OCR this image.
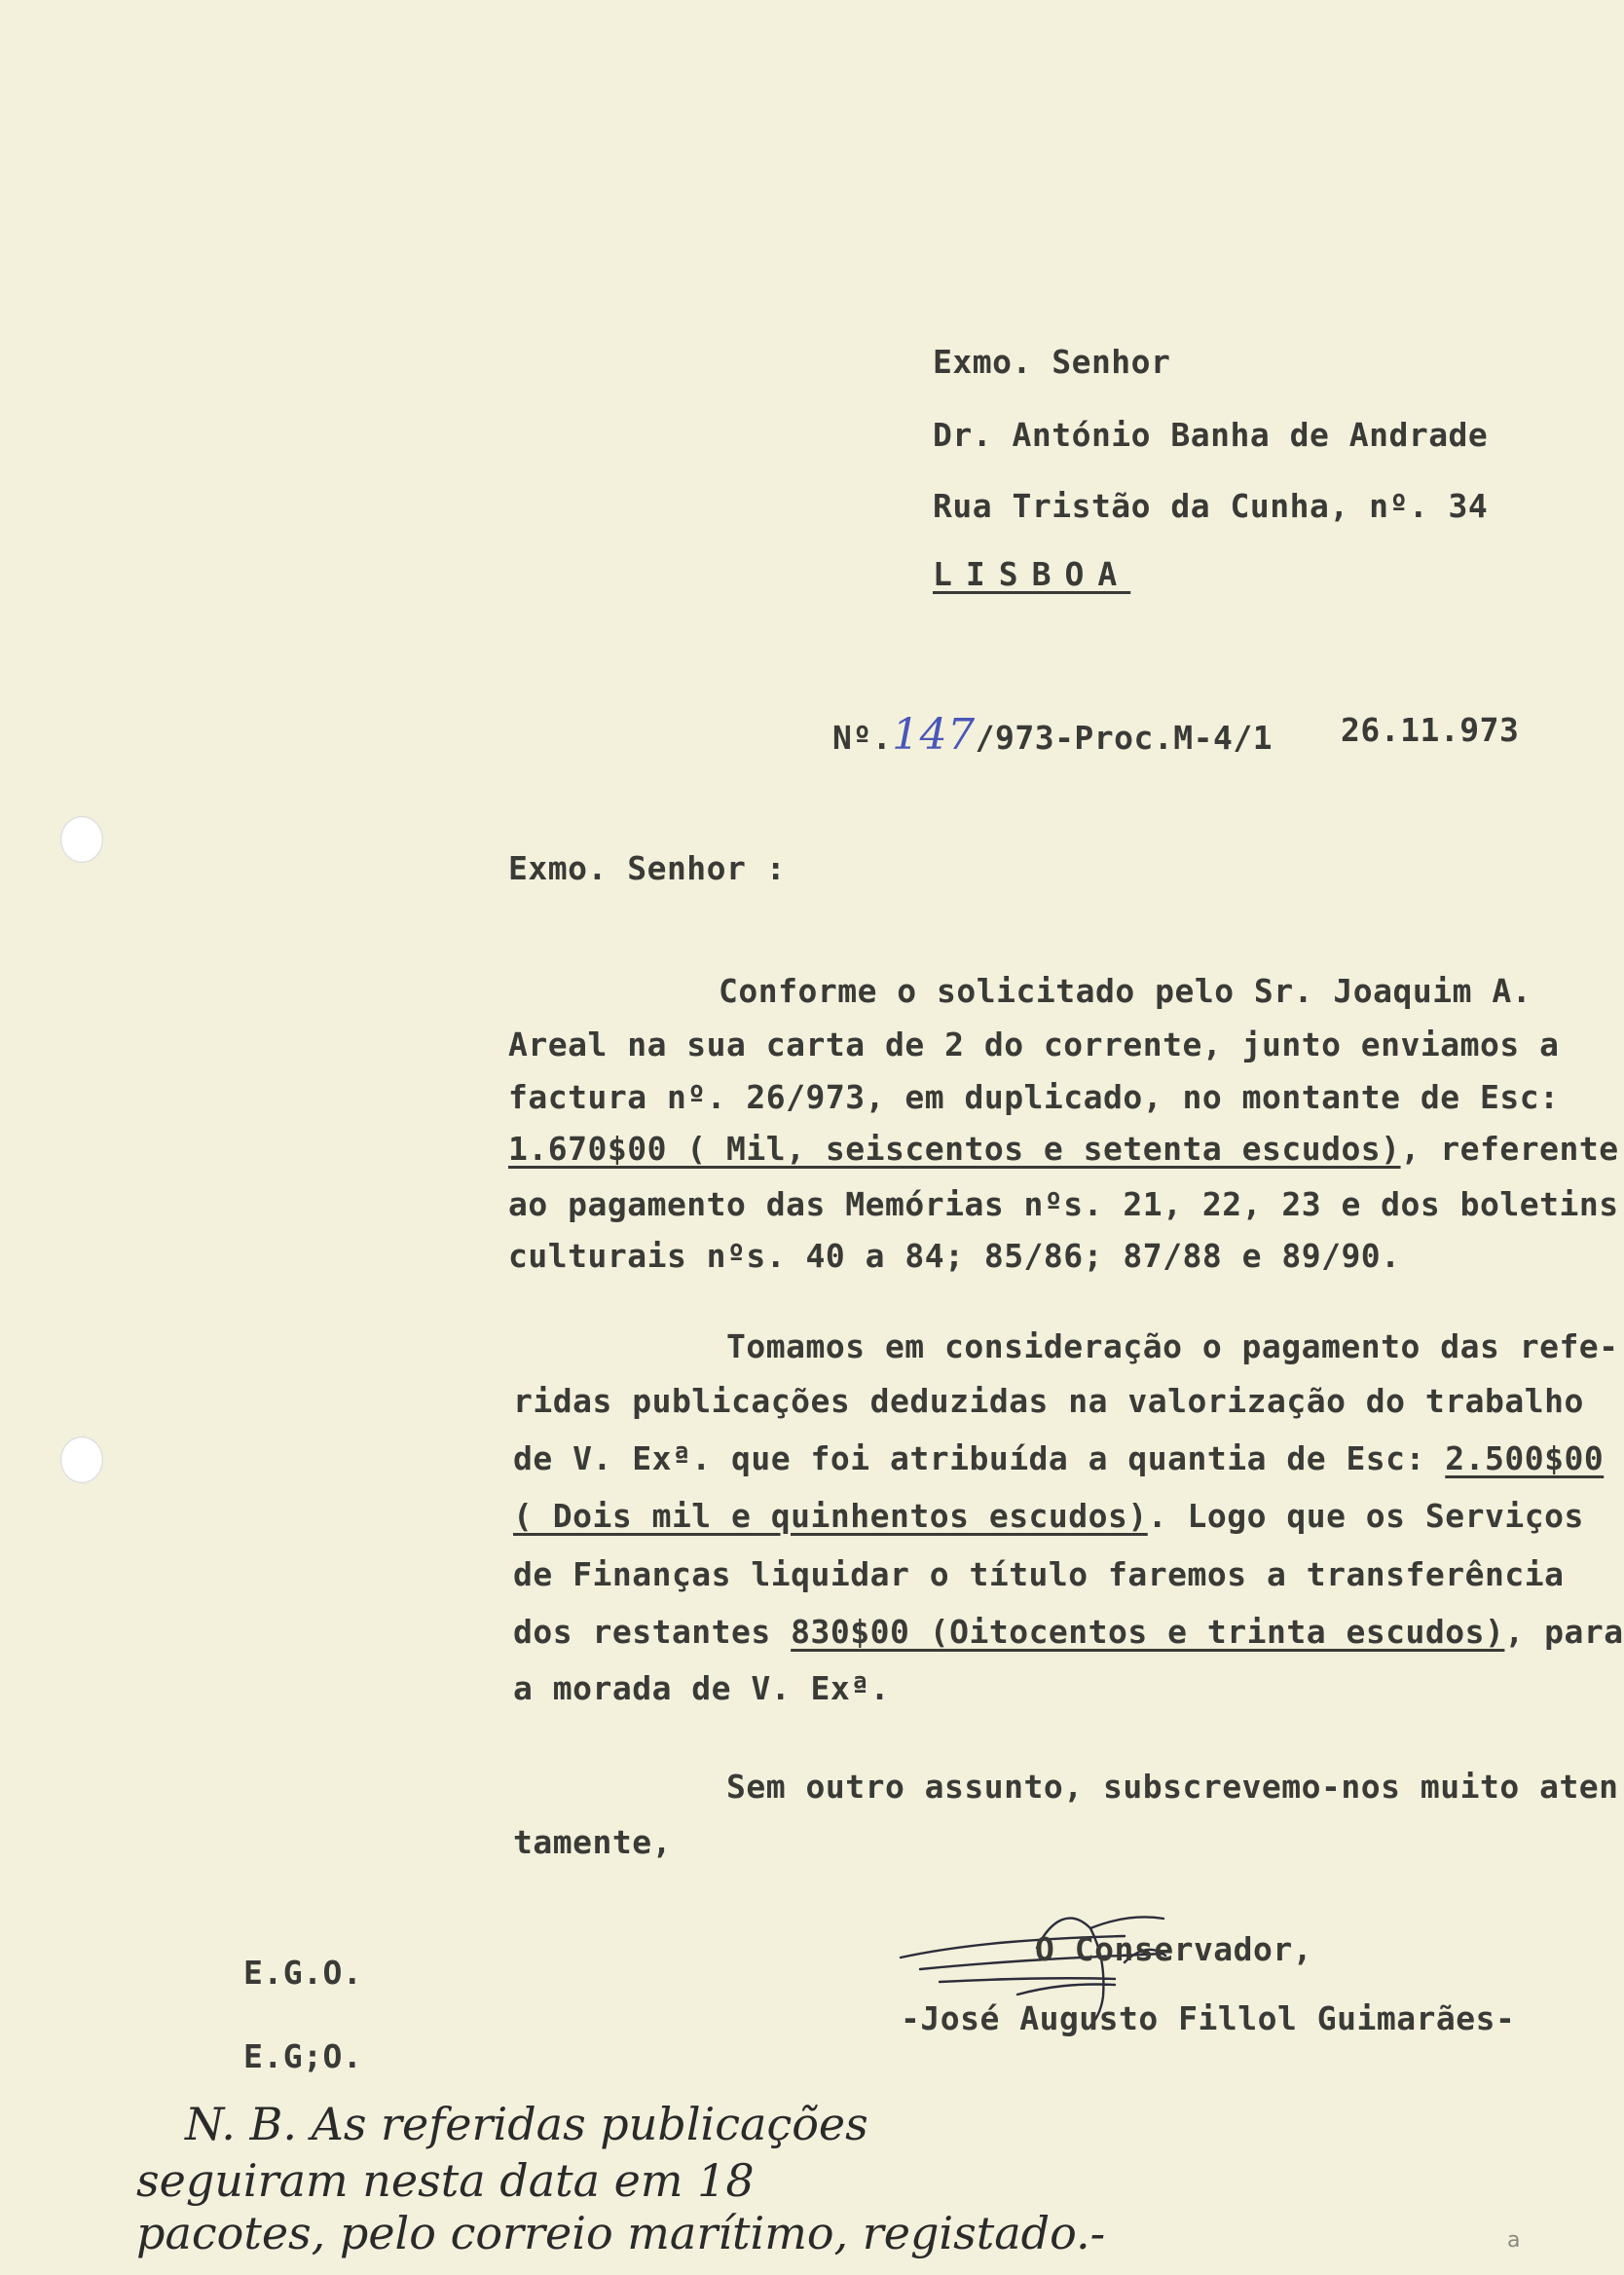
Exmo. Senhor
Dr. António Banha de Andrade
Rua Tristão da Cunha, nº. 34
LISBOA
Nº.147/973-Proc.M-4/1 26.11.973
Exmo. Senhor :
Conforme o solicitado pelo Sr. Joaquim A.
Areal na sua carta de 2 do corrente, junto enviamos a
factura nº. 26/973, em duplicado, no montante de Esc:
1.670$00 ( Mil, seiscentos e setenta escudos), referente
ao pagamento das Memórias nºs. 21, 22, 23 e dos boletins
culturais nºs. 40 a 84; 85/86; 87/88 e 89/90.
Tomamos em consideração o pagamento das refe-
ridas publicações deduzidas na valorização do trabalho
de V. Exª. que foi atribuída a quantia de Esc: 2.500$00
( Dois mil e quinhentos escudos). Logo que os Serviços
de Finanças liquidar o título faremos a transferência
dos restantes 830$00 (Oitocentos e trinta escudos), para
a morada de V. Exª.
Sem outro assunto, subscrevemo-nos muito aten
tamente,
O Conservador,
-José Augusto Fillol Guimarães-
E.G.O.
E.G;O.
N. B. As referidas publicações
seguiram nesta data em 18
pacotes, pelo correio marítimo, registado.-	a
